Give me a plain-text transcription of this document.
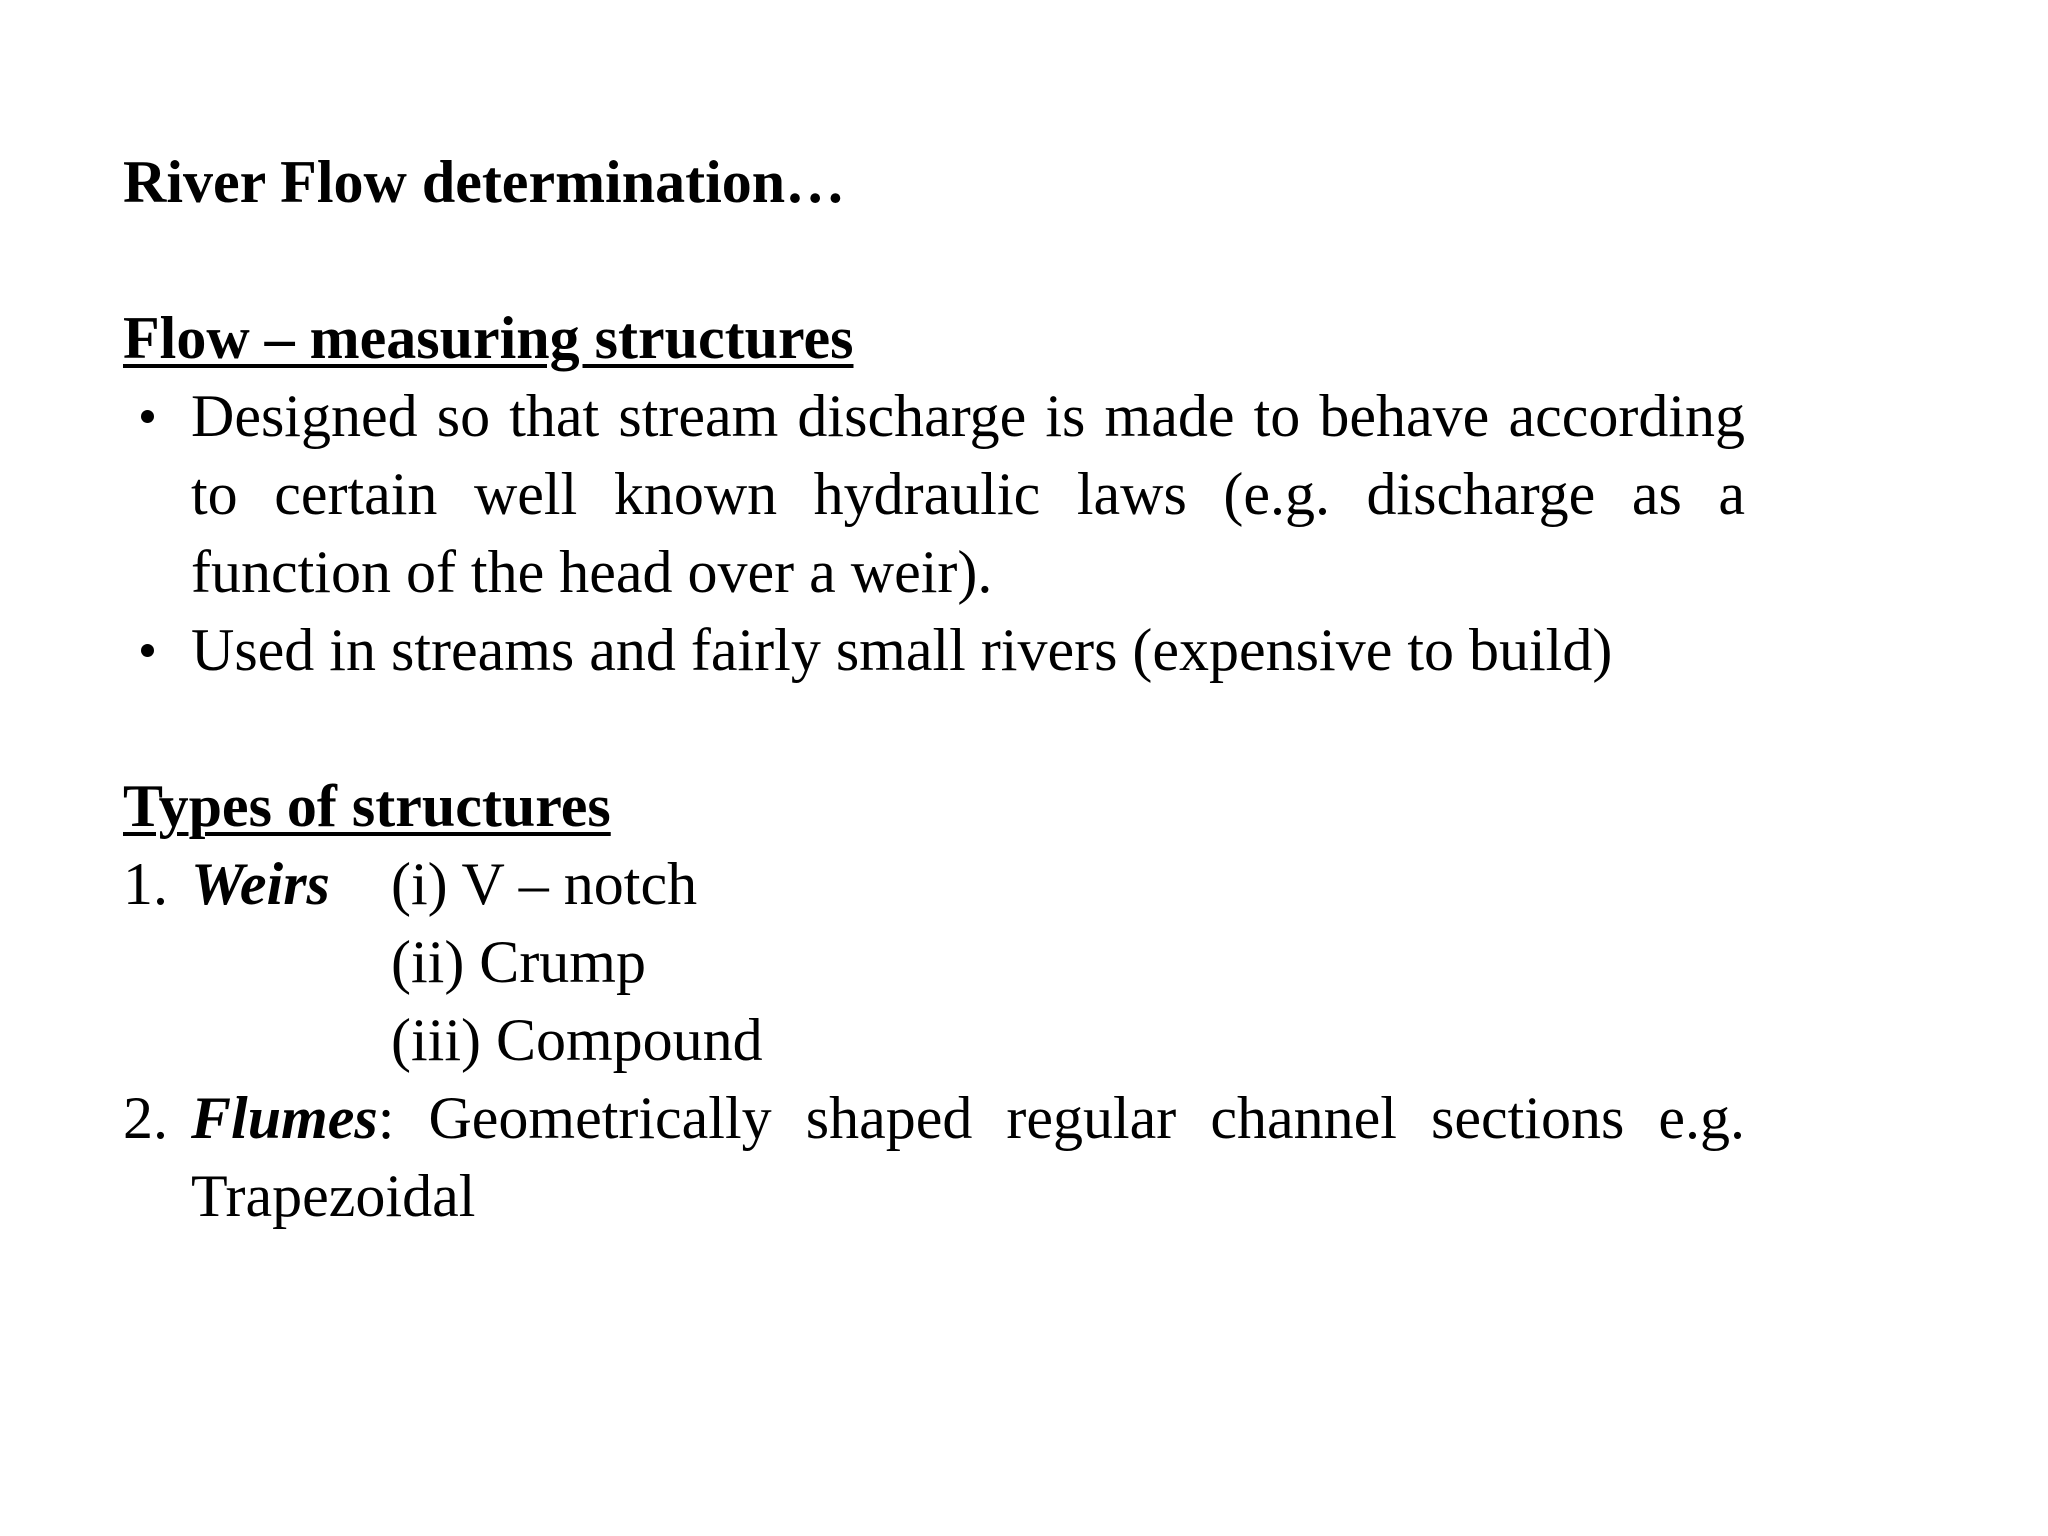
River Flow determination…
Flow – measuring structures
Designed so that stream discharge is made to behave according to certain well known hydraulic laws (e.g. discharge as a function of the head over a weir).
Used in streams and fairly small rivers (expensive to build)
Types of structures
1. Weirs (i) V – notch
(ii) Crump
(iii) Compound
2. Flumes: Geometrically shaped regular channel sections e.g. Trapezoidal
